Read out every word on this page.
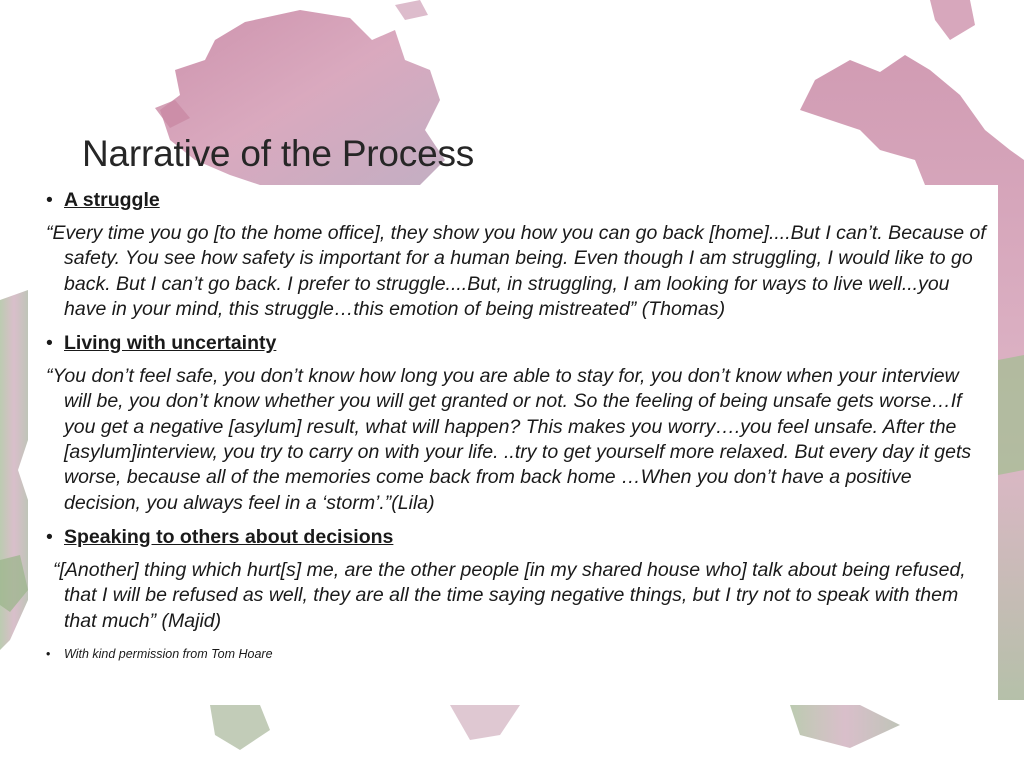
Narrative of the Process
• A struggle

“Every time you go [to the home office], they show you how you can go back [home]....But I can’t. Because of safety. You see how safety is important for a human being. Even though I am struggling, I would like to go back. But I can’t go back. I prefer to struggle....But, in struggling, I am looking for ways to live well...you have in your mind, this struggle…this emotion of being mistreated” (Thomas)

• Living with uncertainty

“You don’t feel safe, you don’t know how long you are able to stay for, you don’t know when your interview will be, you don’t know whether you will get granted or not. So the feeling of being unsafe gets worse…If you get a negative [asylum] result, what will happen? This makes you worry….you feel unsafe. After the [asylum]interview, you try to carry on with your life. ..try to get yourself more relaxed. But every day it gets worse, because all of the memories come back from back home …When you don’t have a positive decision, you always feel in a ‘storm’.”(Lila)

• Speaking to others about decisions

“[Another] thing which hurt[s] me, are the other people [in my shared house who] talk about being refused, that I will be refused as well, they are all the time saying negative things, but I try not to speak with them that much” (Majid)

• With kind permission from Tom Hoare
